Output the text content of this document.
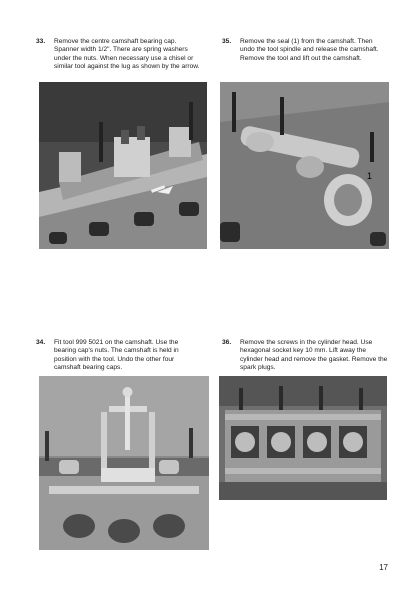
33. Remove the centre camshaft bearing cap. Spanner width 1/2". There are spring washers under the nuts. When necessary use a chisel or similar tool against the lug as shown by the arrow.
35. Remove the seal (1) from the camshaft. Then undo the tool spindle and release the camshaft. Remove the tool and lift out the camshaft.
1
34. Fit tool 999 5021 on the camshaft. Use the bearing cap's nuts. The camshaft is held in position with the tool. Undo the other four camshaft bearing caps.
36. Remove the screws in the cylinder head. Use hexagonal socket key 10 mm. Lift away the cylinder head and remove the gasket. Remove the spark plugs.
17
